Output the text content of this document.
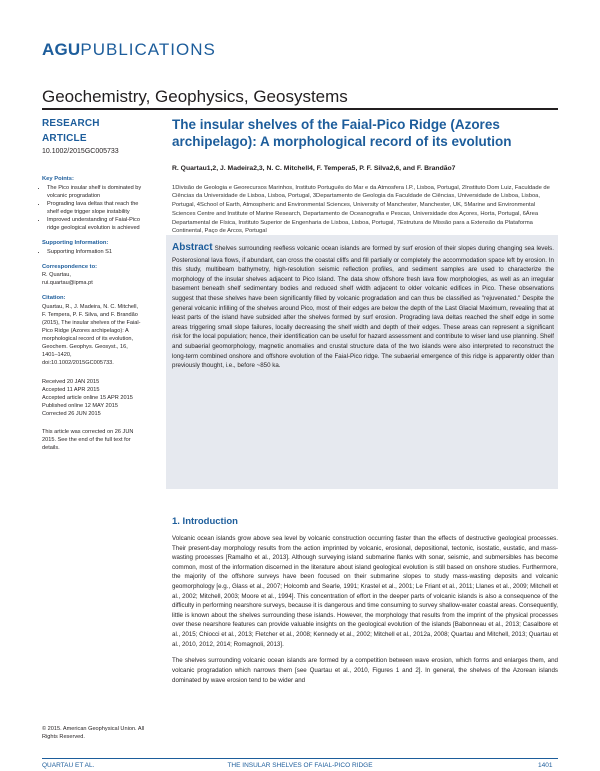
AGUPUBLICATIONS
Geochemistry, Geophysics, Geosystems
RESEARCH ARTICLE
10.1002/2015GC005733
Key Points:
• The Pico insular shelf is dominated by volcanic progradation
• Prograding lava deltas that reach the shelf edge trigger slope instability
• Improved understanding of Faial-Pico ridge geological evolution is achieved
Supporting Information:
• Supporting Information S1
Correspondence to:

R. Quartau,

rui.quartau@ipma.pt

Citation:

Quartau, R., J. Madeira, N. C. Mitchell, F. Tempera, P. F. Silva, and F. Brandão (2015), The insular shelves of the Faial-Pico Ridge (Azores archipelago): A morphological record of its evolution, Geochem. Geophys. Geosyst., 16, 1401–1420, doi:10.1002/2015GC005733.

Received 20 JAN 2015

Accepted 11 APR 2015

Accepted article online 15 APR 2015

Published online 12 MAY 2015

Corrected 26 JUN 2015

This article was corrected on 26 JUN 2015. See the end of the full text for details.

© 2015. American Geophysical Union. All Rights Reserved.
The insular shelves of the Faial-Pico Ridge (Azores archipelago): A morphological record of its evolution
R. Quartau1,2, J. Madeira2,3, N. C. Mitchell4, F. Tempera5, P. F. Silva2,6, and F. Brandão7
1Divisão de Geologia e Georecursos Marinhos, Instituto Português do Mar e da Atmosfera I.P., Lisboa, Portugal, 2Instituto Dom Luiz, Faculdade de Ciências da Universidade de Lisboa, Lisboa, Portugal, 3Departamento de Geologia da Faculdade de Ciências, Universidade de Lisboa, Lisboa, Portugal, 4School of Earth, Atmospheric and Environmental Sciences, University of Manchester, Manchester, UK, 5Marine and Environmental Sciences Centre and Institute of Marine Research, Departamento de Oceanografia e Pescas, Universidade dos Açores, Horta, Portugal, 6Área Departamental de Física, Instituto Superior de Engenharia de Lisboa, Lisboa, Portugal, 7Estrutura de Missão para a Extensão da Plataforma Continental, Paço de Arcos, Portugal
Abstract Shelves surrounding reefless volcanic ocean islands are formed by surf erosion of their slopes during changing sea levels. Posterosional lava flows, if abundant, can cross the coastal cliffs and fill partially or completely the accommodation space left by erosion. In this study, multibeam bathymetry, high-resolution seismic reflection profiles, and sediment samples are used to characterize the morphology of the insular shelves adjacent to Pico Island. The data show offshore fresh lava flow morphologies, as well as an irregular basement beneath shelf sedimentary bodies and reduced shelf width adjacent to older volcanic edifices in Pico. These observations suggest that these shelves have been significantly filled by volcanic progradation and can thus be classified as "rejuvenated." Despite the general volcanic infilling of the shelves around Pico, most of their edges are below the depth of the Last Glacial Maximum, revealing that at least parts of the island have subsided after the shelves formed by surf erosion. Prograding lava deltas reached the shelf edge in some areas triggering small slope failures, locally decreasing the shelf width and depth of their edges. These areas can represent a significant risk for the local population; hence, their identification can be useful for hazard assessment and contribute to wiser land use planning. Shelf and subaerial geomorphology, magnetic anomalies and crustal structure data of the two islands were also interpreted to reconstruct the long-term combined onshore and offshore evolution of the Faial-Pico ridge. The subaerial emergence of this ridge is apparently older than previously thought, i.e., before ~850 ka.
1. Introduction

Volcanic ocean islands grow above sea level by volcanic construction occurring faster than the effects of destructive geological processes. Their present-day morphology results from the action imprinted by volcanic, erosional, depositional, tectonic, isostatic, eustatic, and mass-wasting processes [Ramalho et al., 2013]. Although surveying island submarine flanks with sonar, seismic, and submersibles has become common, most of the information discerned in the literature about island geological evolution is still based on onshore studies. Furthermore, the majority of the offshore surveys have been focused on their submarine slopes to study mass-wasting deposits and volcanic geomorphology [e.g., Glass et al., 2007; Holcomb and Searle, 1991; Krastel et al., 2001; Le Friant et al., 2011; Llanes et al., 2009; Mitchell et al., 2002; Mitchell, 2003; Moore et al., 1994]. This concentration of effort in the deeper parts of volcanic islands is also a consequence of the difficulty in performing nearshore surveys, because it is dangerous and time consuming to survey shallow-water coastal areas. Consequently, little is known about the shelves surrounding these islands. However, the morphology that results from the imprint of the physical processes over these nearshore features can provide valuable insights on the geological evolution of the islands [Babonneau et al., 2013; Casalbore et al., 2015; Chiocci et al., 2013; Fletcher et al., 2008; Kennedy et al., 2002; Mitchell et al., 2012a, 2008; Quartau and Mitchell, 2013; Quartau et al., 2010, 2012, 2014; Romagnoli, 2013].

The shelves surrounding volcanic ocean islands are formed by a competition between wave erosion, which forms and enlarges them, and volcanic progradation which narrows them [see Quartau et al., 2010, Figures 1 and 2]. In general, the shelves of the Azorean islands dominated by wave erosion tend to be wider and

QUARTAU ET AL.	THE INSULAR SHELVES OF FAIAL-PICO RIDGE	1401
